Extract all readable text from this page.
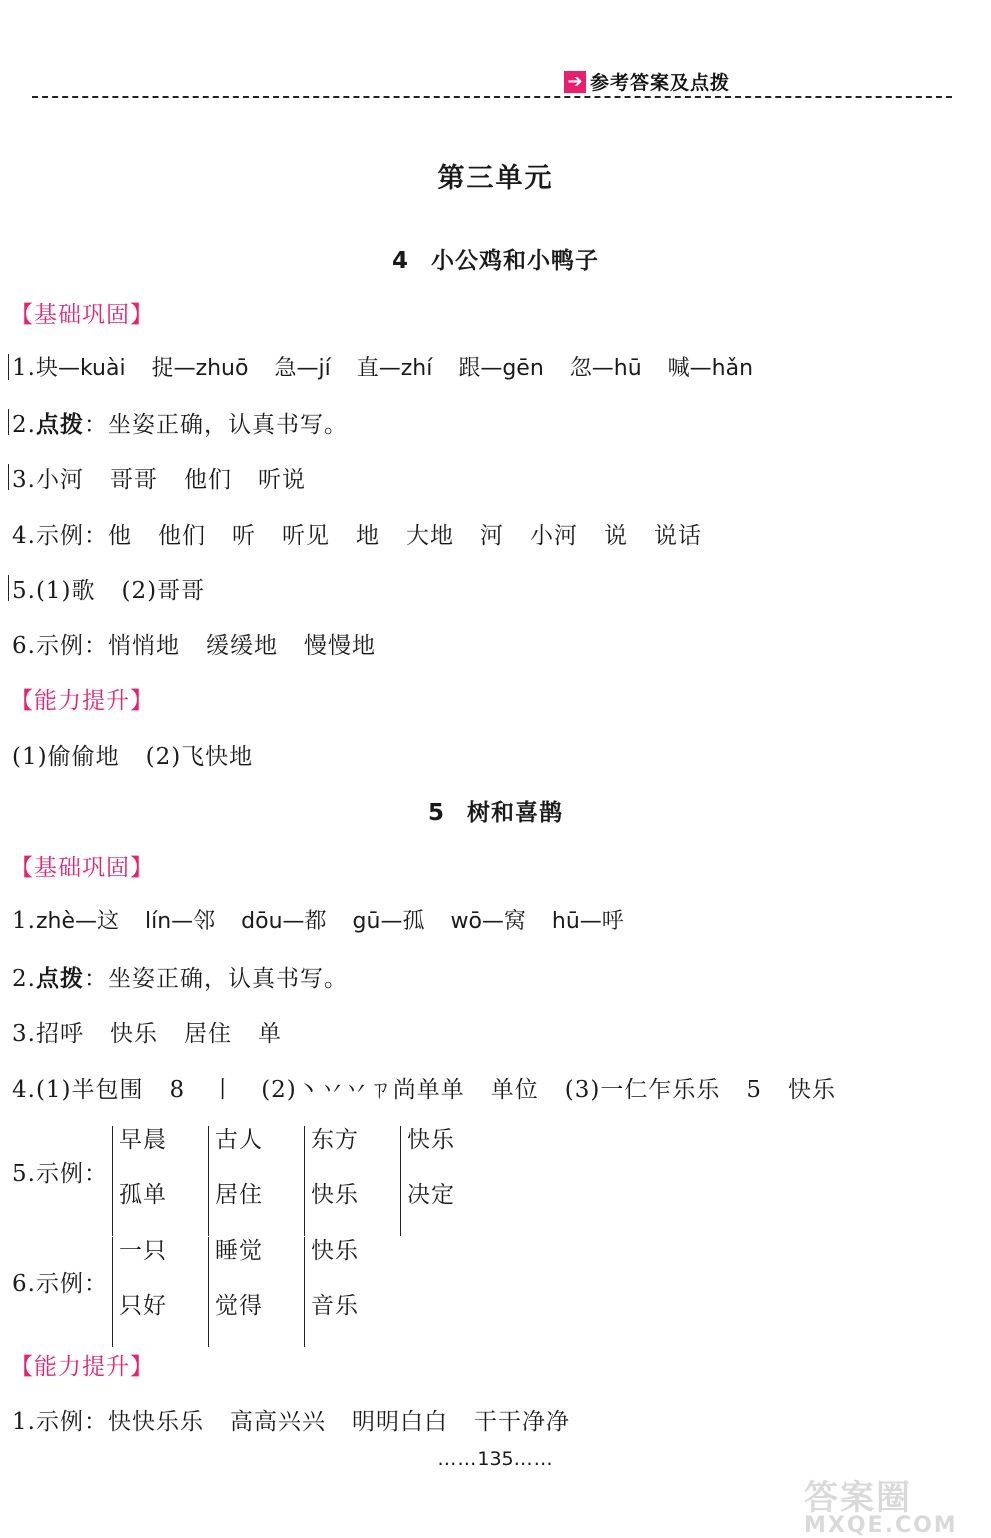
➔ 参考答案及点拨
第三单元
4 小公鸡和小鸭子
【基础巩固】
1.块—kuài 捉—zhuō 急—jí 直—zhí 跟—gēn 忽—hū 喊—hǎn
2.点拨：坐姿正确，认真书写。
3.小河 哥哥 他们 听说
4.示例：他 他们 听 听见 地 大地 河 小河 说 说话
5.(1)歌 (2)哥哥
6.示例：悄悄地 缓缓地 慢慢地
【能力提升】
(1)偷偷地 (2)飞快地
5 树和喜鹊
【基础巩固】
1.zhè—这 lín—邻 dōu—都 gū—孤 wō—窝 hū—呼
2.点拨：坐姿正确，认真书写。
3.招呼 快乐 居住 单
4.(1)半包围 8 丨 (2)丶丷丷ㄗ尚单单 单位 (3)一仁乍乐乐 5 快乐
5.示例：
早晨
孤单
古人
居住
东方
快乐
快乐
决定
6.示例：
一只
只好
睡觉
觉得
快乐
音乐
【能力提升】
1.示例：快快乐乐 高高兴兴 明明白白 干干净净
……135……
答案圈
MXQE.COM
